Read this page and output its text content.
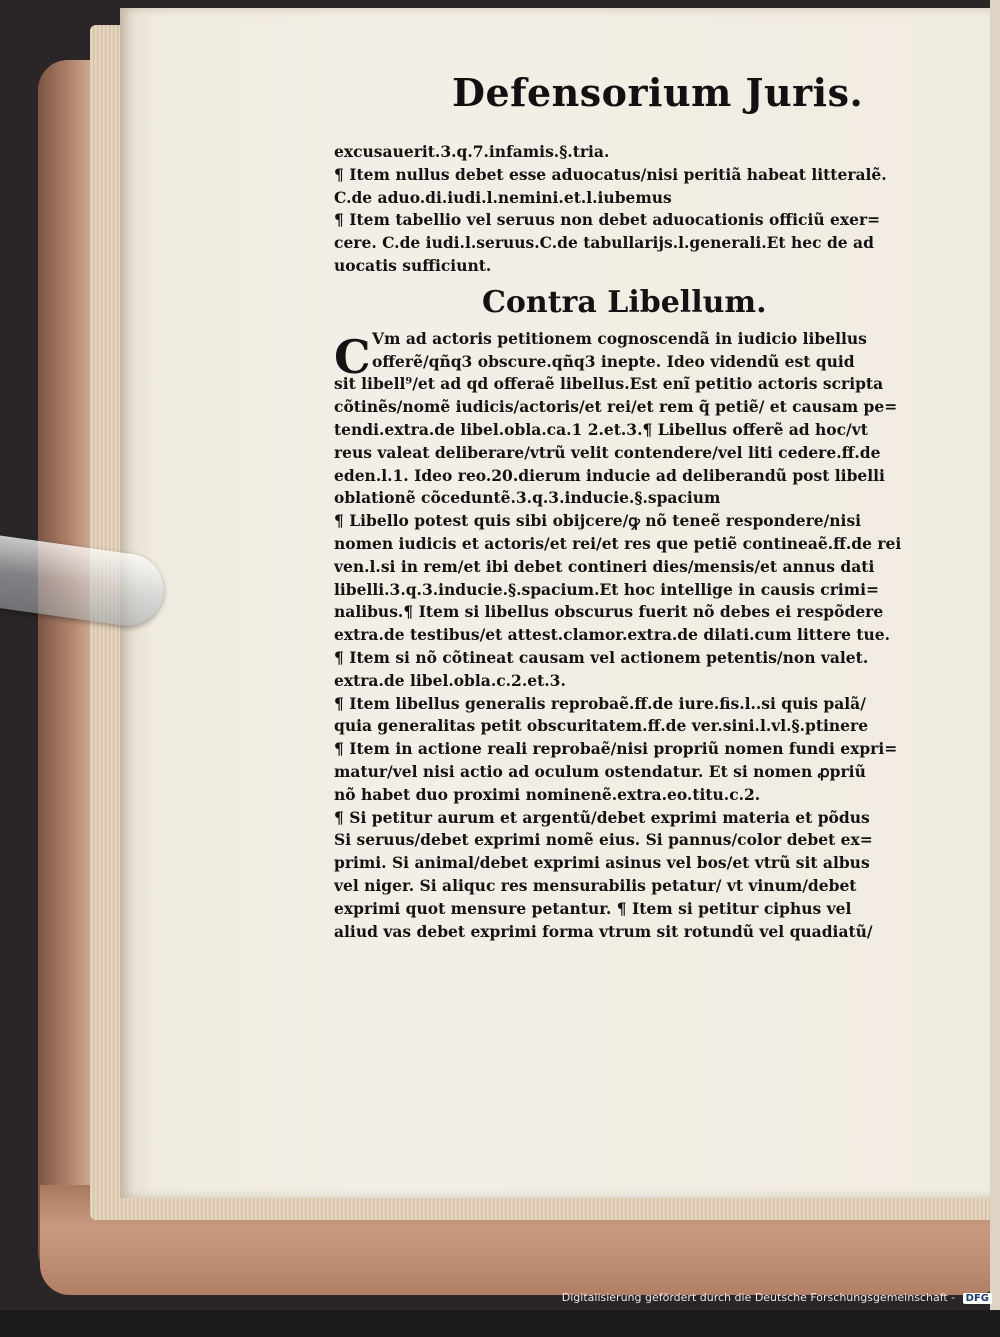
Defensorium Juris.
excusauerit.3.q.7.infamis.§.tria.
¶ Item nullus debet esse aduocatus/nisi peritiã habeat litteralẽ.
C.de aduo.di.iudi.l.nemini.et.l.iubemus
¶ Item tabellio vel seruus non debet aduocationis officiũ exer=
cere. C.de iudi.l.seruus.C.de tabullarijs.l.generali.Et hec de ad
uocatis sufficiunt.
Contra Libellum.
C Vm ad actoris petitionem cognoscendã in iudicio libellus
offerẽ/qñq3 obscure.qñq3 inepte. Ideo videndũ est quid
sit libell⁹/et ad qd offeraẽ libellus.Est enĩ petitio actoris scripta
cõtinẽs/nomẽ iudicis/actoris/et rei/et rem q̃ petiẽ/ et causam pe=
tendi.extra.de libel.obla.ca.1 2.et.3.¶ Libellus offerẽ ad hoc/vt
reus valeat deliberare/vtrũ velit contendere/vel liti cedere.ff.de
eden.l.1. Ideo reo.20.dierum inducie ad deliberandũ post libelli
oblationẽ cõceduntẽ.3.q.3.inducie.§.spacium
¶ Libello potest quis sibi obijcere/ꝙ nõ teneẽ respondere/nisi
nomen iudicis et actoris/et rei/et res que petiẽ contineaẽ.ff.de rei
ven.l.si in rem/et ibi debet contineri dies/mensis/et annus dati
libelli.3.q.3.inducie.§.spacium.Et hoc intellige in causis crimi=
nalibus.¶ Item si libellus obscurus fuerit nõ debes ei respõdere
extra.de testibus/et attest.clamor.extra.de dilati.cum littere tue.
¶ Item si nõ cõtineat causam vel actionem petentis/non valet.
extra.de libel.obla.c.2.et.3.
¶ Item libellus generalis reprobaẽ.ff.de iure.fis.l..si quis palã/
quia generalitas petit obscuritatem.ff.de ver.sini.l.vl.§.ptinere
¶ Item in actione reali reprobaẽ/nisi propriũ nomen fundi expri=
matur/vel nisi actio ad oculum ostendatur. Et si nomen ꝓpriũ
nõ habet duo proximi nominenẽ.extra.eo.titu.c.2.
¶ Si petitur aurum et argentũ/debet exprimi materia et põdus
Si seruus/debet exprimi nomẽ eius. Si pannus/color debet ex=
primi. Si animal/debet exprimi asinus vel bos/et vtrũ sit albus
vel niger. Si aliquc res mensurabilis petatur/ vt vinum/debet
exprimi quot mensure petantur. ¶ Item si petitur ciphus vel
aliud vas debet exprimi forma vtrum sit rotundũ vel quadiatũ/
Digitalisierung gefördert durch die Deutsche Forschungsgemeinschaft - DFG
